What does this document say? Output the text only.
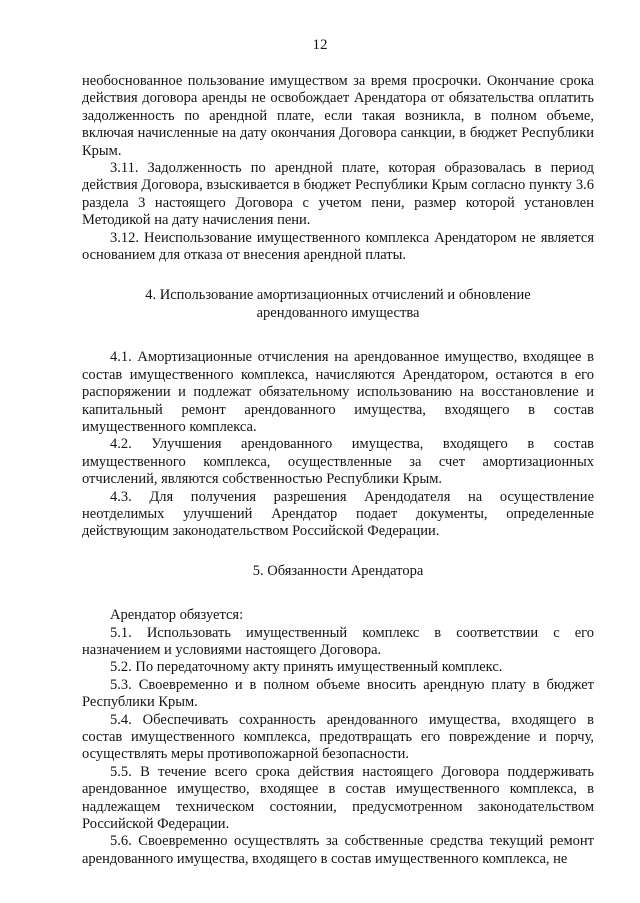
12

необоснованное пользование имуществом за время просрочки. Окончание срока действия договора аренды не освобождает Арендатора от обязательства оплатить задолженность по арендной плате, если такая возникла, в полном объеме, включая начисленные на дату окончания Договора санкции, в бюджет Республики Крым.

3.11. Задолженность по арендной плате, которая образовалась в период действия Договора, взыскивается в бюджет Республики Крым согласно пункту 3.6 раздела 3 настоящего Договора с учетом пени, размер которой установлен Методикой на дату начисления пени.

3.12. Неиспользование имущественного комплекса Арендатором не является основанием для отказа от внесения арендной платы.

4. Использование амортизационных отчислений и обновление
арендованного имущества

4.1. Амортизационные отчисления на арендованное имущество, входящее в состав имущественного комплекса, начисляются Арендатором, остаются в его распоряжении и подлежат обязательному использованию на восстановление и капитальный ремонт арендованного имущества, входящего в состав имущественного комплекса.

4.2. Улучшения арендованного имущества, входящего в состав имущественного комплекса, осуществленные за счет амортизационных отчислений, являются собственностью Республики Крым.

4.3. Для получения разрешения Арендодателя на осуществление неотделимых улучшений Арендатор подает документы, определенные действующим законодательством Российской Федерации.

5. Обязанности Арендатора

Арендатор обязуется:

5.1. Использовать имущественный комплекс в соответствии с его назначением и условиями настоящего Договора.

5.2. По передаточному акту принять имущественный комплекс.

5.3. Своевременно и в полном объеме вносить арендную плату в бюджет Республики Крым.

5.4. Обеспечивать сохранность арендованного имущества, входящего в состав имущественного комплекса, предотвращать его повреждение и порчу, осуществлять меры противопожарной безопасности.

5.5. В течение всего срока действия настоящего Договора поддерживать арендованное имущество, входящее в состав имущественного комплекса, в надлежащем техническом состоянии, предусмотренном законодательством Российской Федерации.

5.6. Своевременно осуществлять за собственные средства текущий ремонт арендованного имущества, входящего в состав имущественного комплекса, не
